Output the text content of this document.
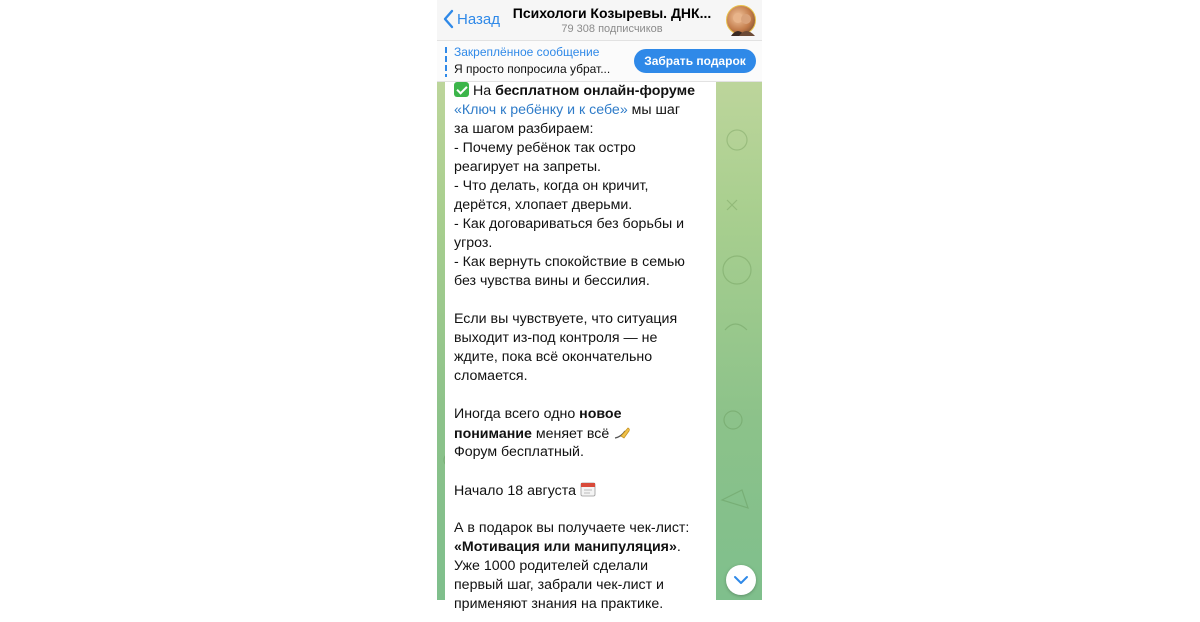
Назад Психологи Козыревы. ДНК...
79 308 подписчиков
Закреплённое сообщение
Я просто попросила убрат...
Забрать подарок
На бесплатном онлайн-форуме
«Ключ к ребёнку и к себе» мы шаг
за шагом разбираем:
- Почему ребёнок так остро
реагирует на запреты.
- Что делать, когда он кричит,
дерётся, хлопает дверьми.
- Как договариваться без борьбы и
угроз.
- Как вернуть спокойствие в семью
без чувства вины и бессилия.
Если вы чувствуете, что ситуация
выходит из-под контроля — не
ждите, пока всё окончательно
сломается.
Иногда всего одно новое
понимание меняет всё
Форум бесплатный.
Начало 18 августа
А в подарок вы получаете чек-лист:
«Мотивация или манипуляция».
Уже 1000 родителей сделали
первый шаг, забрали чек-лист и
применяют знания на практике.
